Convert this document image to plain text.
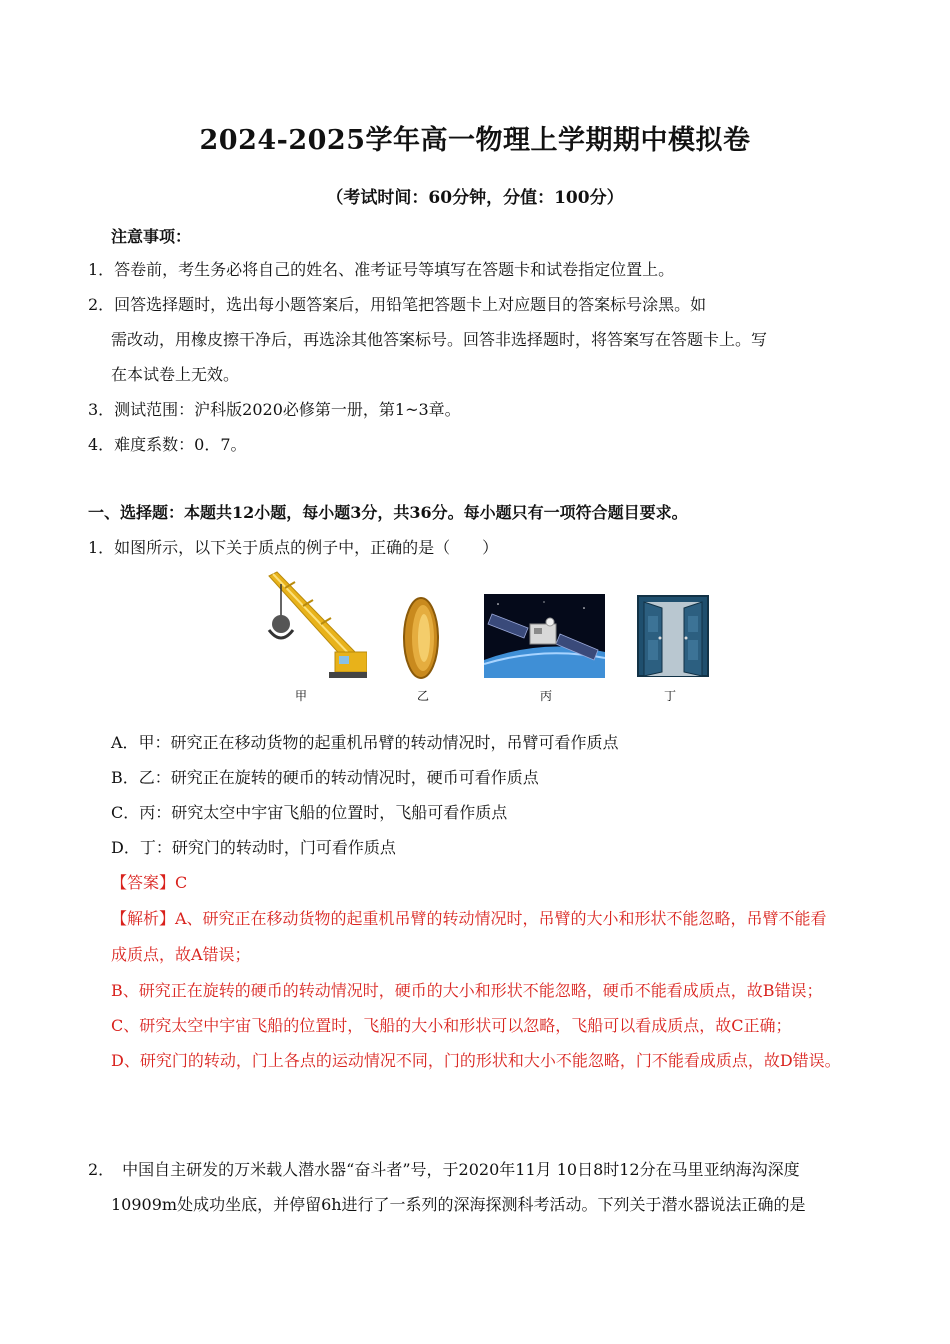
2024-2025学年高一物理上学期期中模拟卷
（考试时间：60分钟，分值：100分）
注意事项：
1．答卷前，考生务必将自己的姓名、准考证号等填写在答题卡和试卷指定位置上。
2．回答选择题时，选出每小题答案后，用铅笔把答题卡上对应题目的答案标号涂黑。如
需改动，用橡皮擦干净后，再选涂其他答案标号。回答非选择题时，将答案写在答题卡上。写
在本试卷上无效。
3．测试范围：沪科版2020必修第一册，第1~3章。
4．难度系数：0．7。
一、选择题：本题共12小题，每小题3分，共36分。每小题只有一项符合题目要求。
1．如图所示，以下关于质点的例子中，正确的是（　　）
甲	乙	丙	丁
A．甲：研究正在移动货物的起重机吊臂的转动情况时，吊臂可看作质点
B．乙：研究正在旋转的硬币的转动情况时，硬币可看作质点
C．丙：研究太空中宇宙飞船的位置时，飞船可看作质点
D．丁：研究门的转动时，门可看作质点
【答案】C
【解析】A、研究正在移动货物的起重机吊臂的转动情况时，吊臂的大小和形状不能忽略，吊臂不能看
成质点，故A错误；
B、研究正在旋转的硬币的转动情况时，硬币的大小和形状不能忽略，硬币不能看成质点，故B错误；
C、研究太空中宇宙飞船的位置时，飞船的大小和形状可以忽略，飞船可以看成质点，故C正确；
D、研究门的转动，门上各点的运动情况不同，门的形状和大小不能忽略，门不能看成质点，故D错误。
2．　中国自主研发的万米载人潜水器“奋斗者”号，于2020年11月 10日8时12分在马里亚纳海沟深度
10909m处成功坐底，并停留6h进行了一系列的深海探测科考活动。下列关于潜水器说法正确的是
